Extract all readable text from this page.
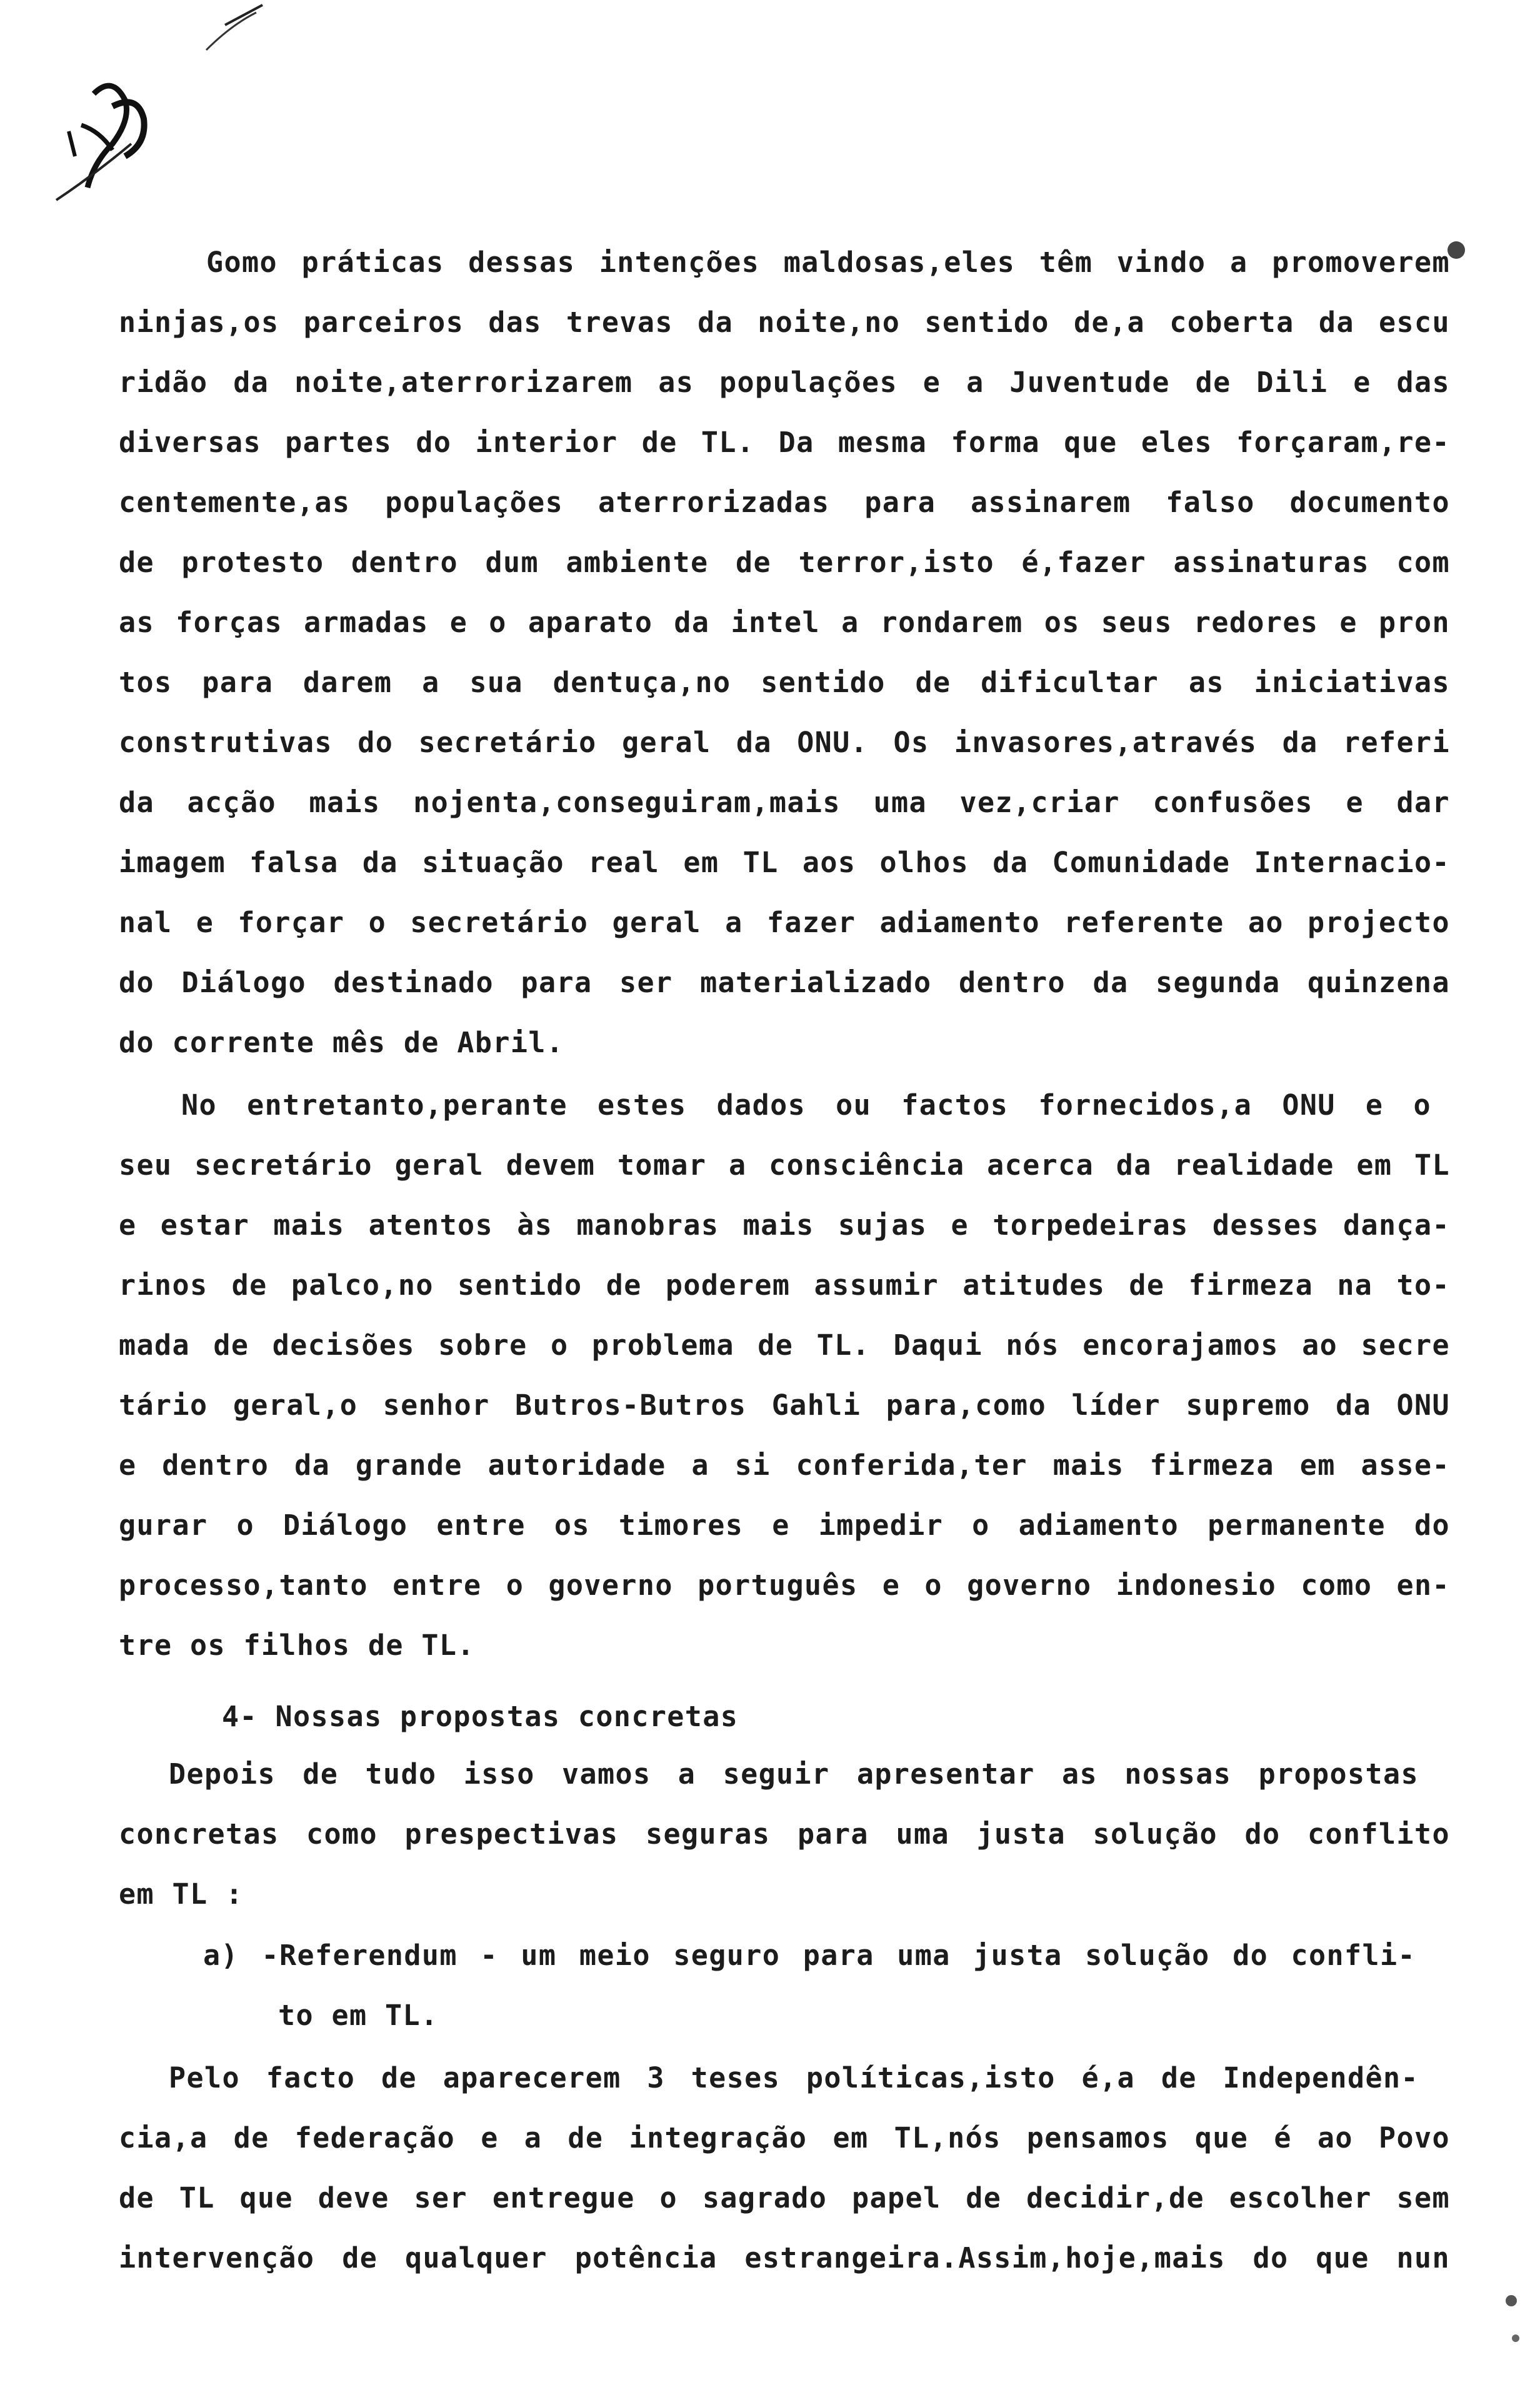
Gomo práticas dessas intenções maldosas,eles têm vindo a promoverem
ninjas,os parceiros das trevas da noite,no sentido de,a coberta da escu
ridão da noite,aterrorizarem as populações e a Juventude de Dili e das
diversas partes do interior de TL. Da mesma forma que eles forçaram,re-
centemente,as populações aterrorizadas para assinarem falso documento
de protesto dentro dum ambiente de terror,isto é,fazer assinaturas com
as forças armadas e o aparato da intel a rondarem os seus redores e pron
tos para darem a sua dentuça,no sentido de dificultar as iniciativas
construtivas do secretário geral da ONU. Os invasores,através da referi
da acção mais nojenta,conseguiram,mais uma vez,criar confusões e dar
imagem falsa da situação real em TL aos olhos da Comunidade Internacio-
nal e forçar o secretário geral a fazer adiamento referente ao projecto
do Diálogo destinado para ser materializado dentro da segunda quinzena
do corrente mês de Abril.
No entretanto,perante estes dados ou factos fornecidos,a ONU e o
seu secretário geral devem tomar a consciência acerca da realidade em TL
e estar mais atentos às manobras mais sujas e torpedeiras desses dança-
rinos de palco,no sentido de poderem assumir atitudes de firmeza na to-
mada de decisões sobre o problema de TL. Daqui nós encorajamos ao secre
tário geral,o senhor Butros-Butros Gahli para,como líder supremo da ONU
e dentro da grande autoridade a si conferida,ter mais firmeza em asse-
gurar o Diálogo entre os timores e impedir o adiamento permanente do
processo,tanto entre o governo português e o governo indonesio como en-
tre os filhos de TL.
4- Nossas propostas concretas
Depois de tudo isso vamos a seguir apresentar as nossas propostas
concretas como prespectivas seguras para uma justa solução do conflito
em TL :
a) -Referendum - um meio seguro para uma justa solução do confli-
to em TL.
Pelo facto de aparecerem 3 teses políticas,isto é,a de Independên-
cia,a de federação e a de integração em TL,nós pensamos que é ao Povo
de TL que deve ser entregue o sagrado papel de decidir,de escolher sem
intervenção de qualquer potência estrangeira.Assim,hoje,mais do que nun
